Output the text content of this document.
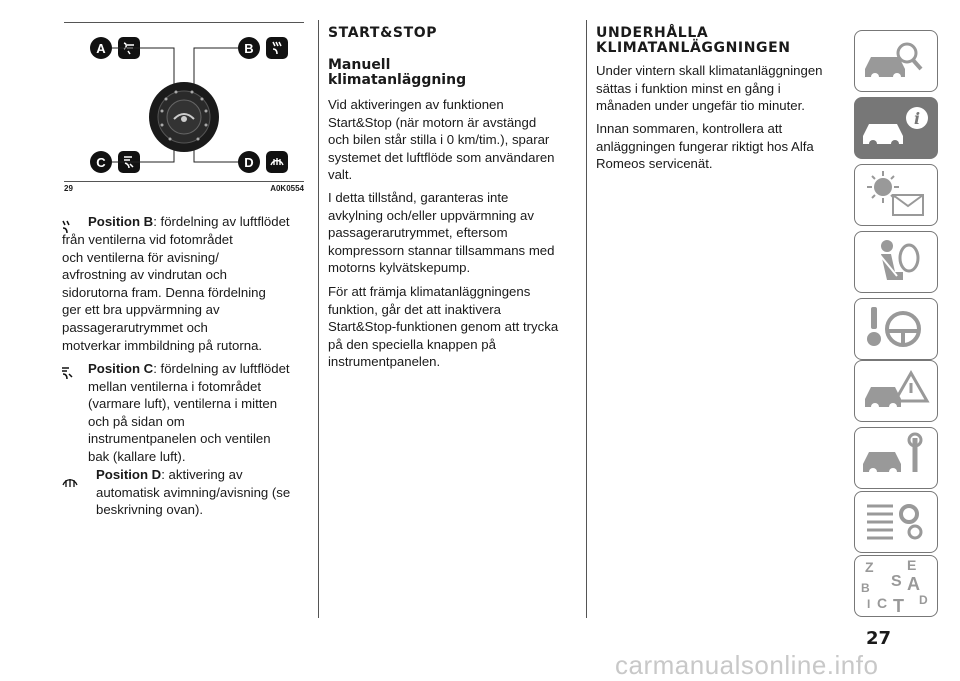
A	B
C	D
29	A0K0554
Position B: fördelning av luftflödet
från ventilerna vid fotområdet
och ventilerna för avisning/
avfrostning av vindrutan och
sidorutorna fram. Denna fördelning
ger ett bra uppvärmning av
passagerarutrymmet och
motverkar immbildning på rutorna.
Position C: fördelning av luftflödet
mellan ventilerna i fotområdet
(varmare luft), ventilerna i mitten
och på sidan om
instrumentpanelen och ventilen
bak (kallare luft).
Position D: aktivering av
automatisk avimning/avisning (se
beskrivning ovan).
START&STOP
Manuell
klimatanläggning
Vid aktiveringen av funktionen
Start&Stop (när motorn är avstängd
och bilen står stilla i 0 km/tim.), sparar
systemet det luftflöde som användaren
valt.
I detta tillstånd, garanteras inte
avkylning och/eller uppvärmning av
passagerarutrymmet, eftersom
kompressorn stannar tillsammans med
motorns kylvätskepump.
För att främja klimatanläggningens
funktion, går det att inaktivera
Start&Stop-funktionen genom att trycka
på den speciella knappen på
instrumentpanelen.
UNDERHÅLLA
KLIMATANLÄGGNINGEN
Under vintern skall klimatanläggningen
sättas i funktion minst en gång i
månaden under ungefär tio minuter.
Innan sommaren, kontrollera att
anläggningen fungerar riktigt hos Alfa
Romeos servicenät.
i
Z E
B A
C T D
I
S
27
carmanualsonline.info
